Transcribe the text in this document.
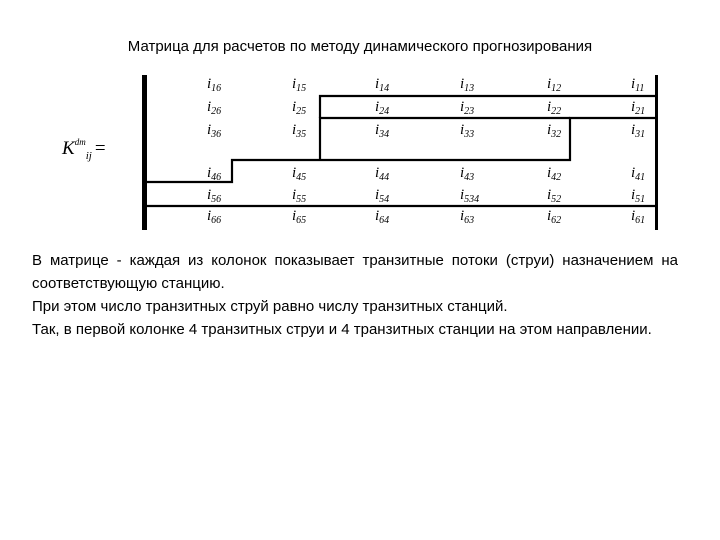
Матрица для расчетов по методу динамического прогнозирования
$K^{dm}_{ij}$ =
$i_{16}$	$i_{15}$	$i_{14}$	$i_{13}$	$i_{12}$	$i_{11}$
$i_{26}$	$i_{25}$	$i_{24}$	$i_{23}$	$i_{22}$	$i_{21}$
$i_{36}$	$i_{35}$	$i_{34}$	$i_{33}$	$i_{32}$	$i_{31}$
$i_{46}$	$i_{45}$	$i_{44}$	$i_{43}$	$i_{42}$	$i_{41}$
$i_{56}$	$i_{55}$	$i_{54}$	$i_{534}$	$i_{52}$	$i_{51}$
$i_{66}$	$i_{65}$	$i_{64}$	$i_{63}$	$i_{62}$	$i_{61}$

В матрице - каждая из колонок показывает транзитные потоки (струи) назначением на соответствующую станцию.

При этом число транзитных струй равно числу транзитных станций.

Так, в первой колонке 4 транзитных струи и 4 транзитных станции на этом направлении.
